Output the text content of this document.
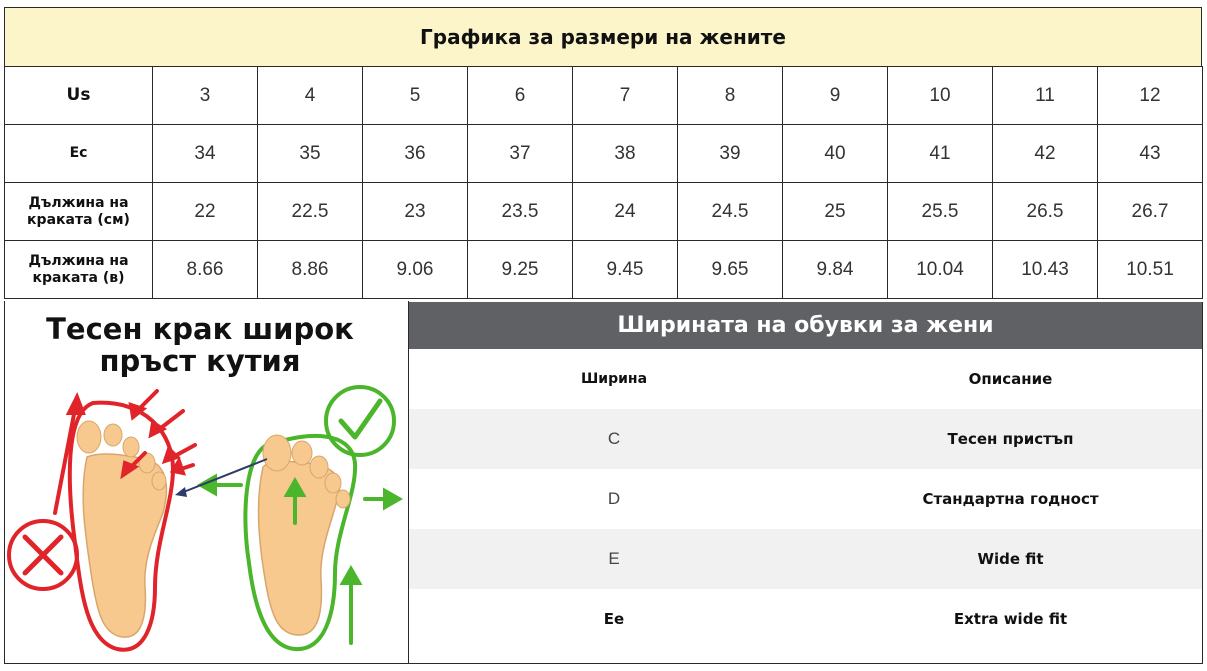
Графика за размери на жените
Us	3	4	5	6	7	8	9	10	11	12
Ec	34	35	36	37	38	39	40	41	42	43
Дължина на краката (см)	22	22.5	23	23.5	24	24.5	25	25.5	26.5	26.7
Дължина на краката (в)	8.66	8.86	9.06	9.25	9.45	9.65	9.84	10.04	10.43	10.51
Тесен крак широк
пръст кутия
Ширината на обувки за жени
Ширина	Описание
C	Тесен пристъп
D	Стандартна годност
E	Wide fit
Ee	Extra wide fit
